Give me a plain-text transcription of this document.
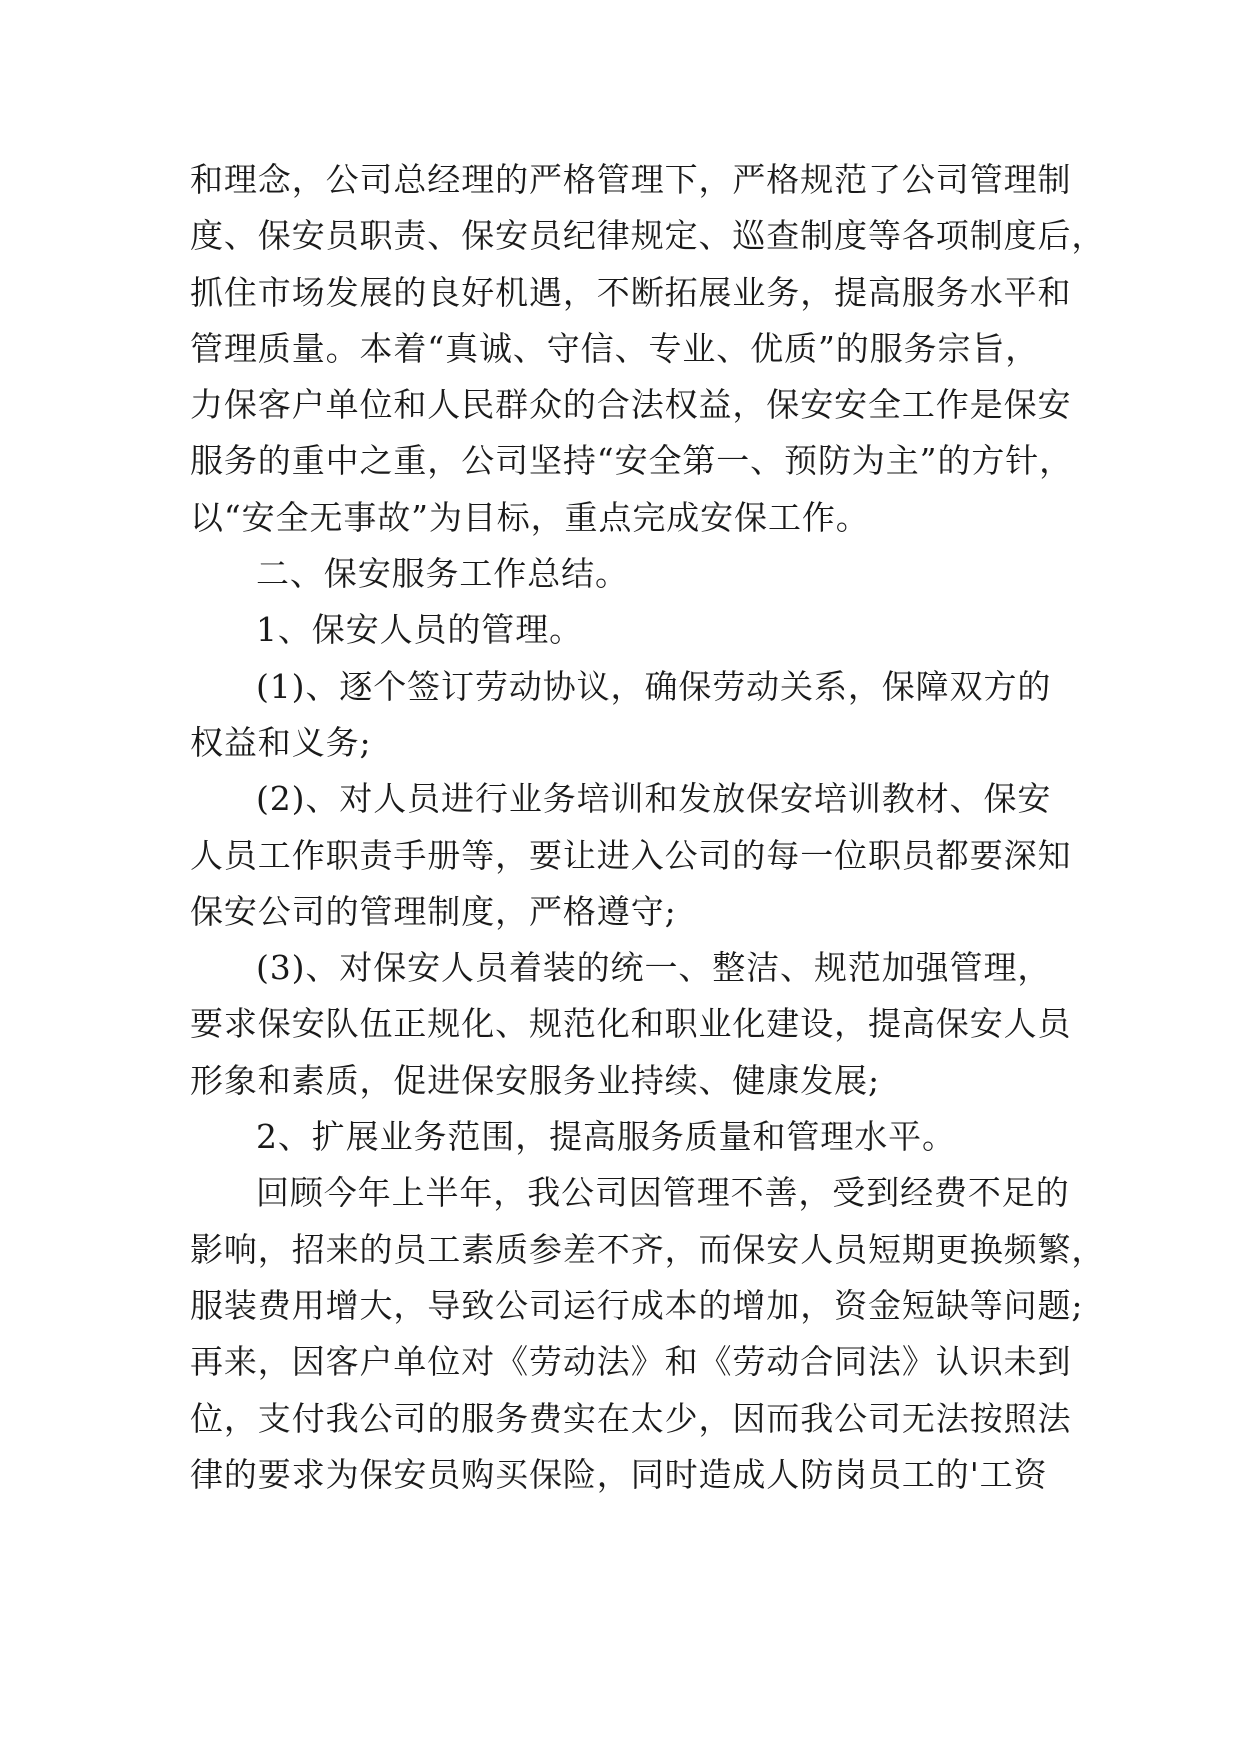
和理念，公司总经理的严格管理下，严格规范了公司管理制
度、保安员职责、保安员纪律规定、巡查制度等各项制度后，
抓住市场发展的良好机遇，不断拓展业务，提高服务水平和
管理质量。本着“真诚、守信、专业、优质”的服务宗旨，
力保客户单位和人民群众的合法权益，保安安全工作是保安
服务的重中之重，公司坚持“安全第一、预防为主”的方针，
以“安全无事故”为目标，重点完成安保工作。
二、保安服务工作总结。
1、保安人员的管理。
(1)、逐个签订劳动协议，确保劳动关系，保障双方的
权益和义务;
(2)、对人员进行业务培训和发放保安培训教材、保安
人员工作职责手册等，要让进入公司的每一位职员都要深知
保安公司的管理制度，严格遵守;
(3)、对保安人员着装的统一、整洁、规范加强管理，
要求保安队伍正规化、规范化和职业化建设，提高保安人员
形象和素质，促进保安服务业持续、健康发展;
2、扩展业务范围，提高服务质量和管理水平。
回顾今年上半年，我公司因管理不善，受到经费不足的
影响，招来的员工素质参差不齐，而保安人员短期更换频繁，
服装费用增大，导致公司运行成本的增加，资金短缺等问题;
再来，因客户单位对《劳动法》和《劳动合同法》认识未到
位，支付我公司的服务费实在太少，因而我公司无法按照法
律的要求为保安员购买保险，同时造成人防岗员工的'工资
